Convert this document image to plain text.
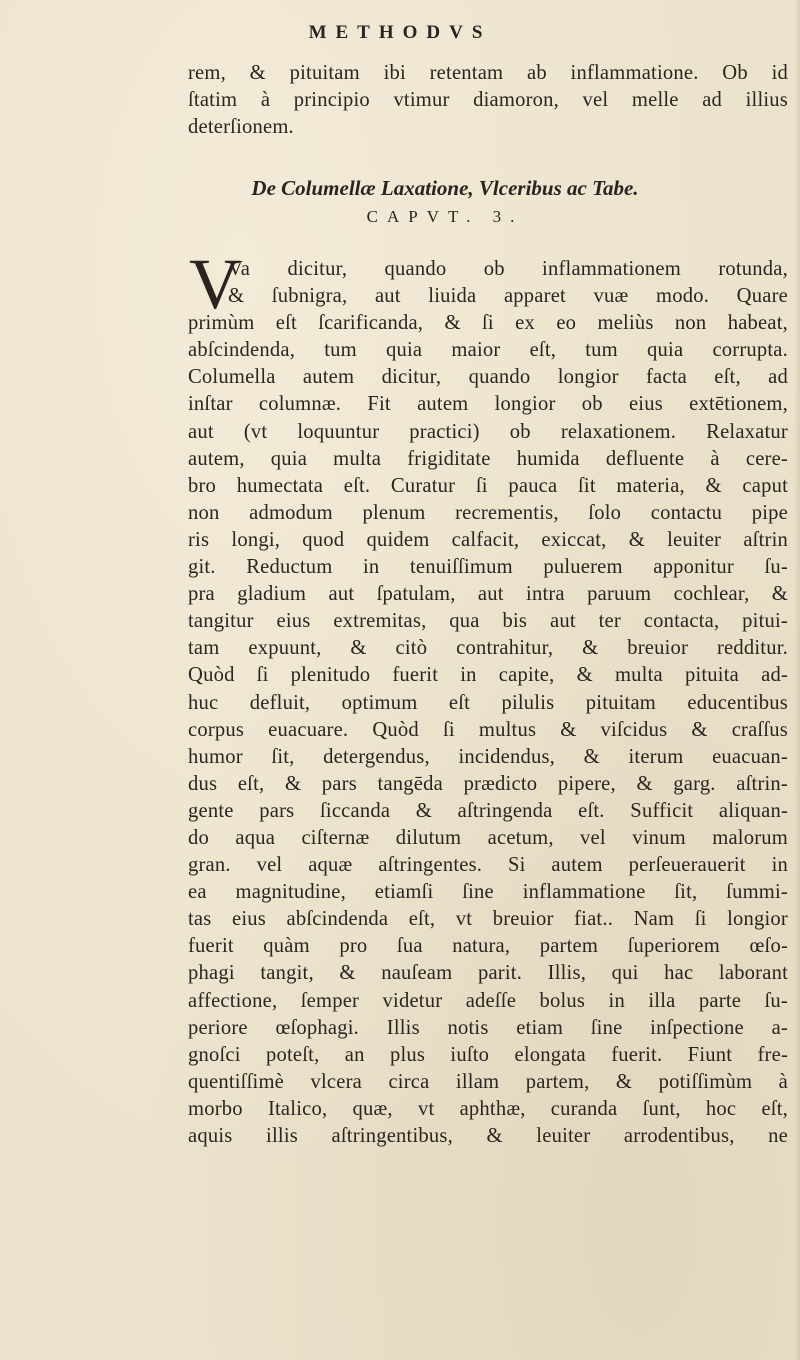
METHODVS
rem, & pituitam ibi retentam ab inflammatione. Ob id
ſtatim à principio vtimur diamoron, vel melle ad illius
deterſionem.
De Columellæ Laxatione, Vlceribus ac Tabe.
CAPVT. 3.
V
Va dicitur, quando ob inflammationem rotunda,
& ſubnigra, aut liuida apparet vuæ modo. Quare
primùm eſt ſcarificanda, & ſi ex eo meliùs non habeat,
abſcindenda, tum quia maior eſt, tum quia corrupta.
Columella autem dicitur, quando longior facta eſt, ad
inſtar columnæ. Fit autem longior ob eius extētionem,
aut (vt loquuntur practici) ob relaxationem. Relaxatur
autem, quia multa frigiditate humida defluente à cere-
bro humectata eſt. Curatur ſi pauca ſit materia, & caput
non admodum plenum recrementis, ſolo contactu pipe
ris longi, quod quidem calfacit, exiccat, & leuiter aſtrin
git. Reductum in tenuiſſimum puluerem apponitur ſu-
pra gladium aut ſpatulam, aut intra paruum cochlear, &
tangitur eius extremitas, qua bis aut ter contacta, pitui-
tam expuunt, & citò contrahitur, & breuior redditur.
Quòd ſi plenitudo fuerit in capite, & multa pituita ad-
huc defluit, optimum eſt pilulis pituitam educentibus
corpus euacuare. Quòd ſi multus & viſcidus & craſſus
humor ſit, detergendus, incidendus, & iterum euacuan-
dus eſt, & pars tangēda prædicto pipere, & garg. aſtrin-
gente pars ſiccanda & aſtringenda eſt. Sufficit aliquan-
do aqua ciſternæ dilutum acetum, vel vinum malorum
gran. vel aquæ aſtringentes. Si autem perſeuerauerit in
ea magnitudine, etiamſi ſine inflammatione ſit, ſummi-
tas eius abſcindenda eſt, vt breuior fiat.. Nam ſi longior
fuerit quàm pro ſua natura, partem ſuperiorem œſo-
phagi tangit, & nauſeam parit. Illis, qui hac laborant
affectione, ſemper videtur adeſſe bolus in illa parte ſu-
periore œſophagi. Illis notis etiam ſine inſpectione a-
gnoſci poteſt, an plus iuſto elongata fuerit. Fiunt fre-
quentiſſimè vlcera circa illam partem, & potiſſimùm à
morbo Italico, quæ, vt aphthæ, curanda ſunt, hoc eſt,
aquis illis aſtringentibus, & leuiter arrodentibus, ne
